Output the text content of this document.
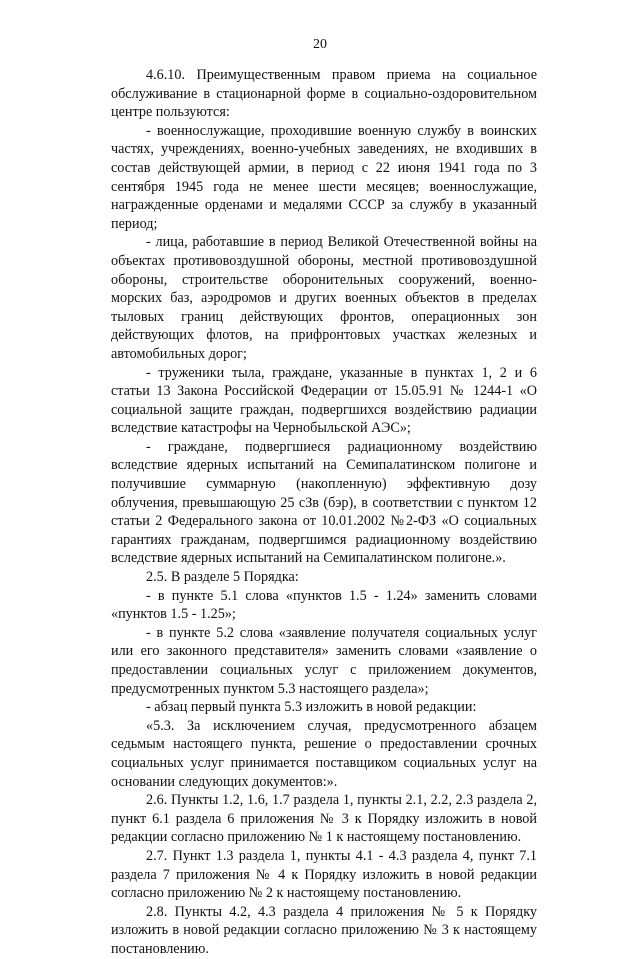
20

4.6.10. Преимущественным правом приема на социальное обслуживание в стационарной форме в социально-оздоровительном центре пользуются:

- военнослужащие, проходившие военную службу в воинских частях, учреждениях, военно-учебных заведениях, не входивших в состав действующей армии, в период с 22 июня 1941 года по 3 сентября 1945 года не менее шести месяцев; военнослужащие, награжденные орденами и медалями СССР за службу в указанный период;

- лица, работавшие в период Великой Отечественной войны на объектах противовоздушной обороны, местной противовоздушной обороны, строительстве оборонительных сооружений, военно-морских баз, аэродромов и других военных объектов в пределах тыловых границ действующих фронтов, операционных зон действующих флотов, на прифронтовых участках железных и автомобильных дорог;

- труженики тыла, граждане, указанные в пунктах 1, 2 и 6 статьи 13 Закона Российской Федерации от 15.05.91 № 1244-1 «О социальной защите граждан, подвергшихся воздействию радиации вследствие катастрофы на Чернобыльской АЭС»;

- граждане, подвергшиеся радиационному воздействию вследствие ядерных испытаний на Семипалатинском полигоне и получившие суммарную (накопленную) эффективную дозу облучения, превышающую 25 сЗв (бэр), в соответствии с пунктом 12 статьи 2 Федерального закона от 10.01.2002 №2-ФЗ «О социальных гарантиях гражданам, подвергшимся радиационному воздействию вследствие ядерных испытаний на Семипалатинском полигоне.».

2.5. В разделе 5 Порядка:

- в пункте 5.1 слова «пунктов 1.5 - 1.24» заменить словами «пунктов 1.5 - 1.25»;

- в пункте 5.2 слова «заявление получателя социальных услуг или его законного представителя» заменить словами «заявление о предоставлении социальных услуг с приложением документов, предусмотренных пунктом 5.3 настоящего раздела»;

- абзац первый пункта 5.3 изложить в новой редакции:

«5.3. За исключением случая, предусмотренного абзацем седьмым настоящего пункта, решение о предоставлении срочных социальных услуг принимается поставщиком социальных услуг на основании следующих документов:».

2.6. Пункты 1.2, 1.6, 1.7 раздела 1, пункты 2.1, 2.2, 2.3 раздела 2, пункт 6.1 раздела 6 приложения № 3 к Порядку изложить в новой редакции согласно приложению № 1 к настоящему постановлению.

2.7. Пункт 1.3 раздела 1, пункты 4.1 - 4.3 раздела 4, пункт 7.1 раздела 7 приложения № 4 к Порядку изложить в новой редакции согласно приложению № 2 к настоящему постановлению.

2.8. Пункты 4.2, 4.3 раздела 4 приложения № 5 к Порядку изложить в новой редакции согласно приложению № 3 к настоящему постановлению.
